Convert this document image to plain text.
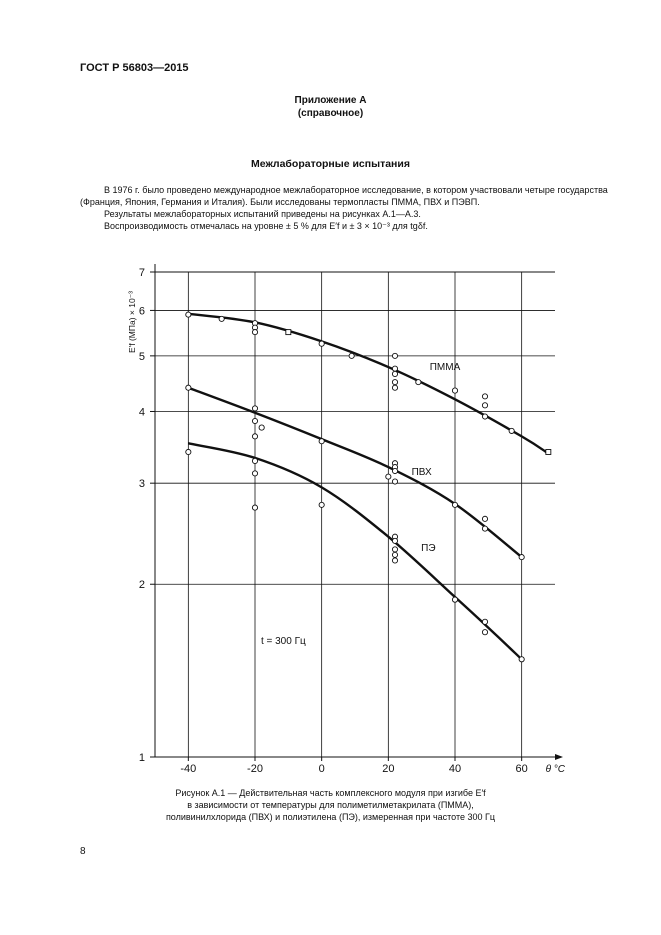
ГОСТ Р 56803—2015
Приложение А
(справочное)
Межлабораторные испытания
В 1976 г. было проведено международное межлабораторное исследование, в котором участвовали четыре государства (Франция, Япония, Германия и Италия). Были исследованы термопласты ПММА, ПВХ и ПЭВП.
Результаты межлабораторных испытаний приведены на рисунках А.1—А.3.
Воспроизводимость отмечалась на уровне ± 5 % для E′f и ± 3 × 10⁻³ для tgδf.
1
2
3
4
5
6
7
-40	-20	0	20	40	60 θ °C
E′f (МПа) × 10⁻³
t = 300 Гц
ПММА
ПВХ
ПЭ
Рисунок А.1 — Действительная часть комплексного модуля при изгибе E′f
в зависимости от температуры для полиметилметакрилата (ПММА),
поливинилхлорида (ПВХ) и полиэтилена (ПЭ), измеренная при частоте 300 Гц
8
